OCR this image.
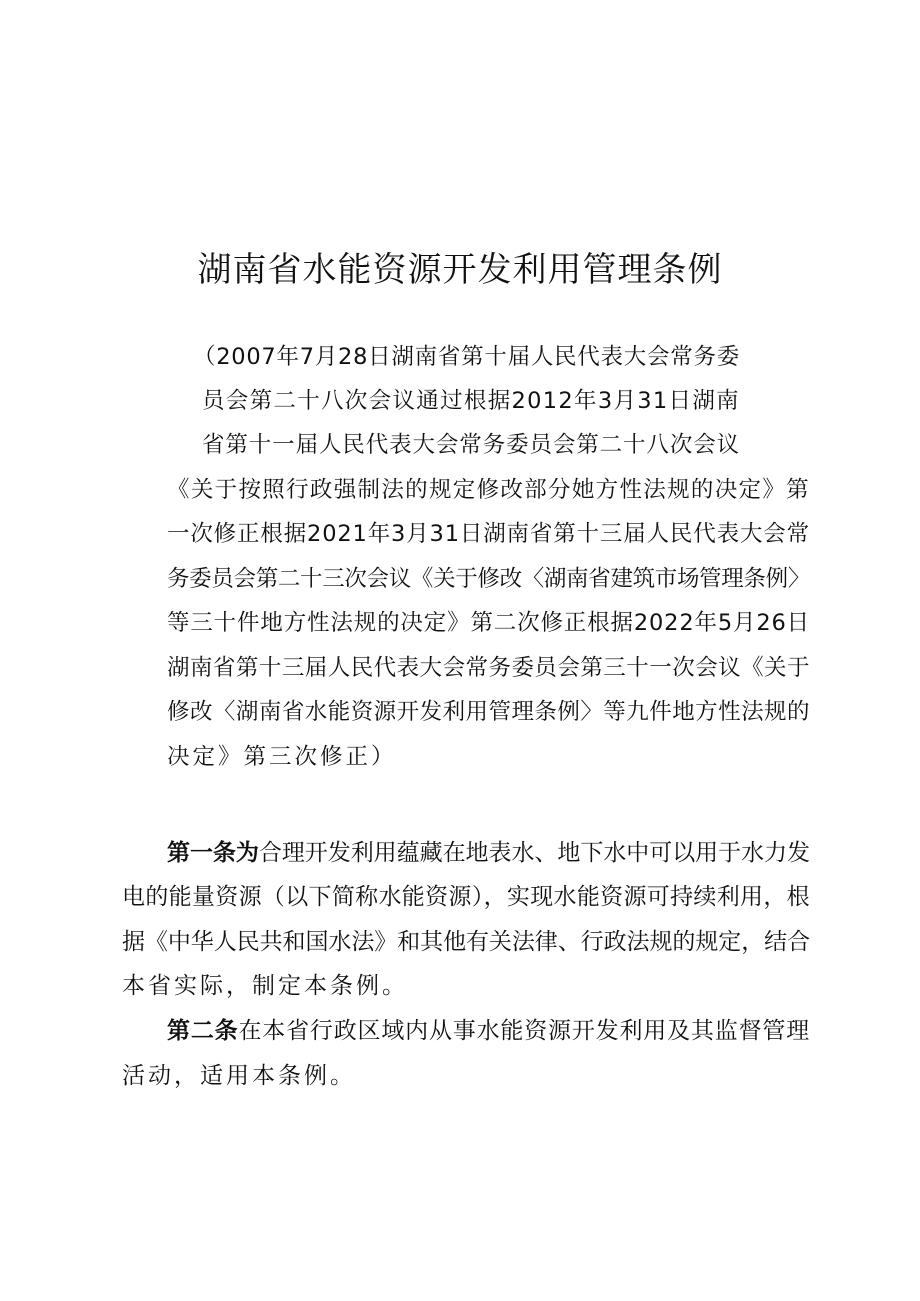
湖南省水能资源开发利用管理条例
（2007年7月28日湖南省第十届人民代表大会常务委
员会第二十八次会议通过根据2012年3月31日湖南
省第十一届人民代表大会常务委员会第二十八次会议
《关于按照行政强制法的规定修改部分她方性法规的决定》第
一次修正根据2021年3月31日湖南省第十三届人民代表大会常
务委员会第二十三次会议《关于修改〈湖南省建筑市场管理条例〉
等三十件地方性法规的决定》第二次修正根据2022年5月26日
湖南省第十三届人民代表大会常务委员会第三十一次会议《关于
修改〈湖南省水能资源开发利用管理条例〉等九件地方性法规的
决定》第三次修正）
第一条为合理开发利用蕴藏在地表水、地下水中可以用于水力发
电的能量资源（以下简称水能资源），实现水能资源可持续利用，根
据《中华人民共和国水法》和其他有关法律、行政法规的规定，结合
本省实际，制定本条例。
第二条在本省行政区域内从事水能资源开发利用及其监督管理
活动，适用本条例。
